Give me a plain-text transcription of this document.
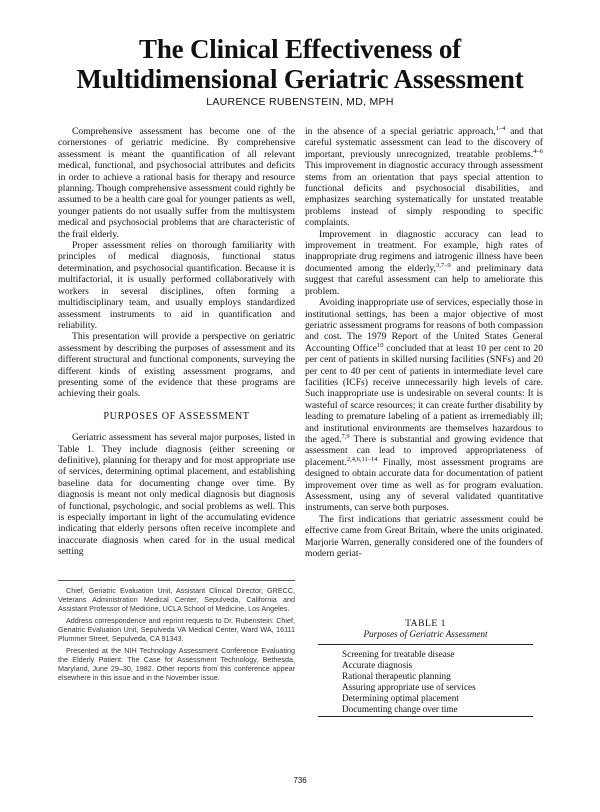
The Clinical Effectiveness of
Multidimensional Geriatric Assessment
LAURENCE RUBENSTEIN, MD, MPH

Comprehensive assessment has become one of the cornerstones of geriatric medicine. By comprehensive assessment is meant the quantification of all relevant medical, functional, and psychosocial attributes and deficits in order to achieve a rational basis for therapy and resource planning. Though comprehensive assessment could rightly be assumed to be a health care goal for younger patients as well, younger patients do not usually suffer from the multisystem medical and psychosocial problems that are characteristic of the frail elderly.

Proper assessment relies on thorough familiarity with principles of medical diagnosis, functional status determination, and psychosocial quantification. Because it is multifactorial, it is usually performed collaboratively with workers in several disciplines, often forming a multidisciplinary team, and usually employs standardized assessment instruments to aid in quantification and reliability.

This presentation will provide a perspective on geriatric assessment by describing the purposes of assessment and its different structural and functional components, surveying the different kinds of existing assessment programs, and presenting some of the evidence that these programs are achieving their goals.

PURPOSES OF ASSESSMENT

Geriatric assessment has several major purposes, listed in Table 1. They include diagnosis (either screening or definitive), planning for therapy and for most appropriate use of services, determining optimal placement, and establishing baseline data for documenting change over time. By diagnosis is meant not only medical diagnosis but diagnosis of functional, psychologic, and social problems as well. This is especially important in light of the accumulating evidence indicating that elderly persons often receive incomplete and inaccurate diagnosis when cared for in the usual medical setting

Chief, Geriatric Evaluation Unit, Assistant Clinical Director, GRECC, Veterans Administration Medical Center, Sepulveda, California and Assistant Professor of Medicine, UCLA School of Medicine, Los Angeles.

Address correspondence and reprint requests to Dr. Rubenstein: Chief, Geriatric Evaluation Unit, Sepulveda VA Medical Center, Ward WA, 16111 Plummer Street, Sepulveda, CA 91343.

Presented at the NIH Technology Assessment Conference Evaluating the Elderly Patient: The Case for Assessment Technology, Bethesda, Maryland, June 29–30, 1982. Other reports from this conference appear elsewhere in this issue and in the November issue.

in the absence of a special geriatric approach,$^{1-4}$ and that careful systematic assessment can lead to the discovery of important, previously unrecognized, treatable problems.$^{4-6}$ This improvement in diagnostic accuracy through assessment stems from an orientation that pays special attention to functional deficits and psychosocial disabilities, and emphasizes searching systematically for unstated treatable problems instead of simply responding to specific complaints.

Improvement in diagnostic accuracy can lead to improvement in treatment. For example, high rates of inappropriate drug regimens and iatrogenic illness have been documented among the elderly,$^{3,7-9}$ and preliminary data suggest that careful assessment can help to ameliorate this problem.

Avoiding inappropriate use of services, especially those in institutional settings, has been a major objective of most geriatric assessment programs for reasons of both compassion and cost. The 1979 Report of the United States General Accounting Office$^{10}$ concluded that at least 10 per cent to 20 per cent of patients in skilled nursing facilities (SNFs) and 20 per cent to 40 per cent of patients in intermediate level care facilities (ICFs) receive unnecessarily high levels of care. Such inappropriate use is undesirable on several counts: It is wasteful of scarce resources; it can create further disability by leading to premature labeling of a patient as irremediably ill; and institutional environments are themselves hazardous to the aged.$^{7,9}$ There is substantial and growing evidence that assessment can lead to improved appropriateness of placement.$^{2,4,6,11-14}$ Finally, most assessment programs are designed to obtain accurate data for documentation of patient improvement over time as well as for program evaluation. Assessment, using any of several validated quantitative instruments, can serve both purposes.

The first indications that geriatric assessment could be effective came from Great Britain, where the units originated. Marjorie Warren, generally considered one of the founders of modern geriat-

TABLE 1
Purposes of Geriatric Assessment
Screening for treatable disease
Accurate diagnosis
Rational therapeutic planning
Assuring appropriate use of services
Determining optimal placement
Documenting change over time
736
